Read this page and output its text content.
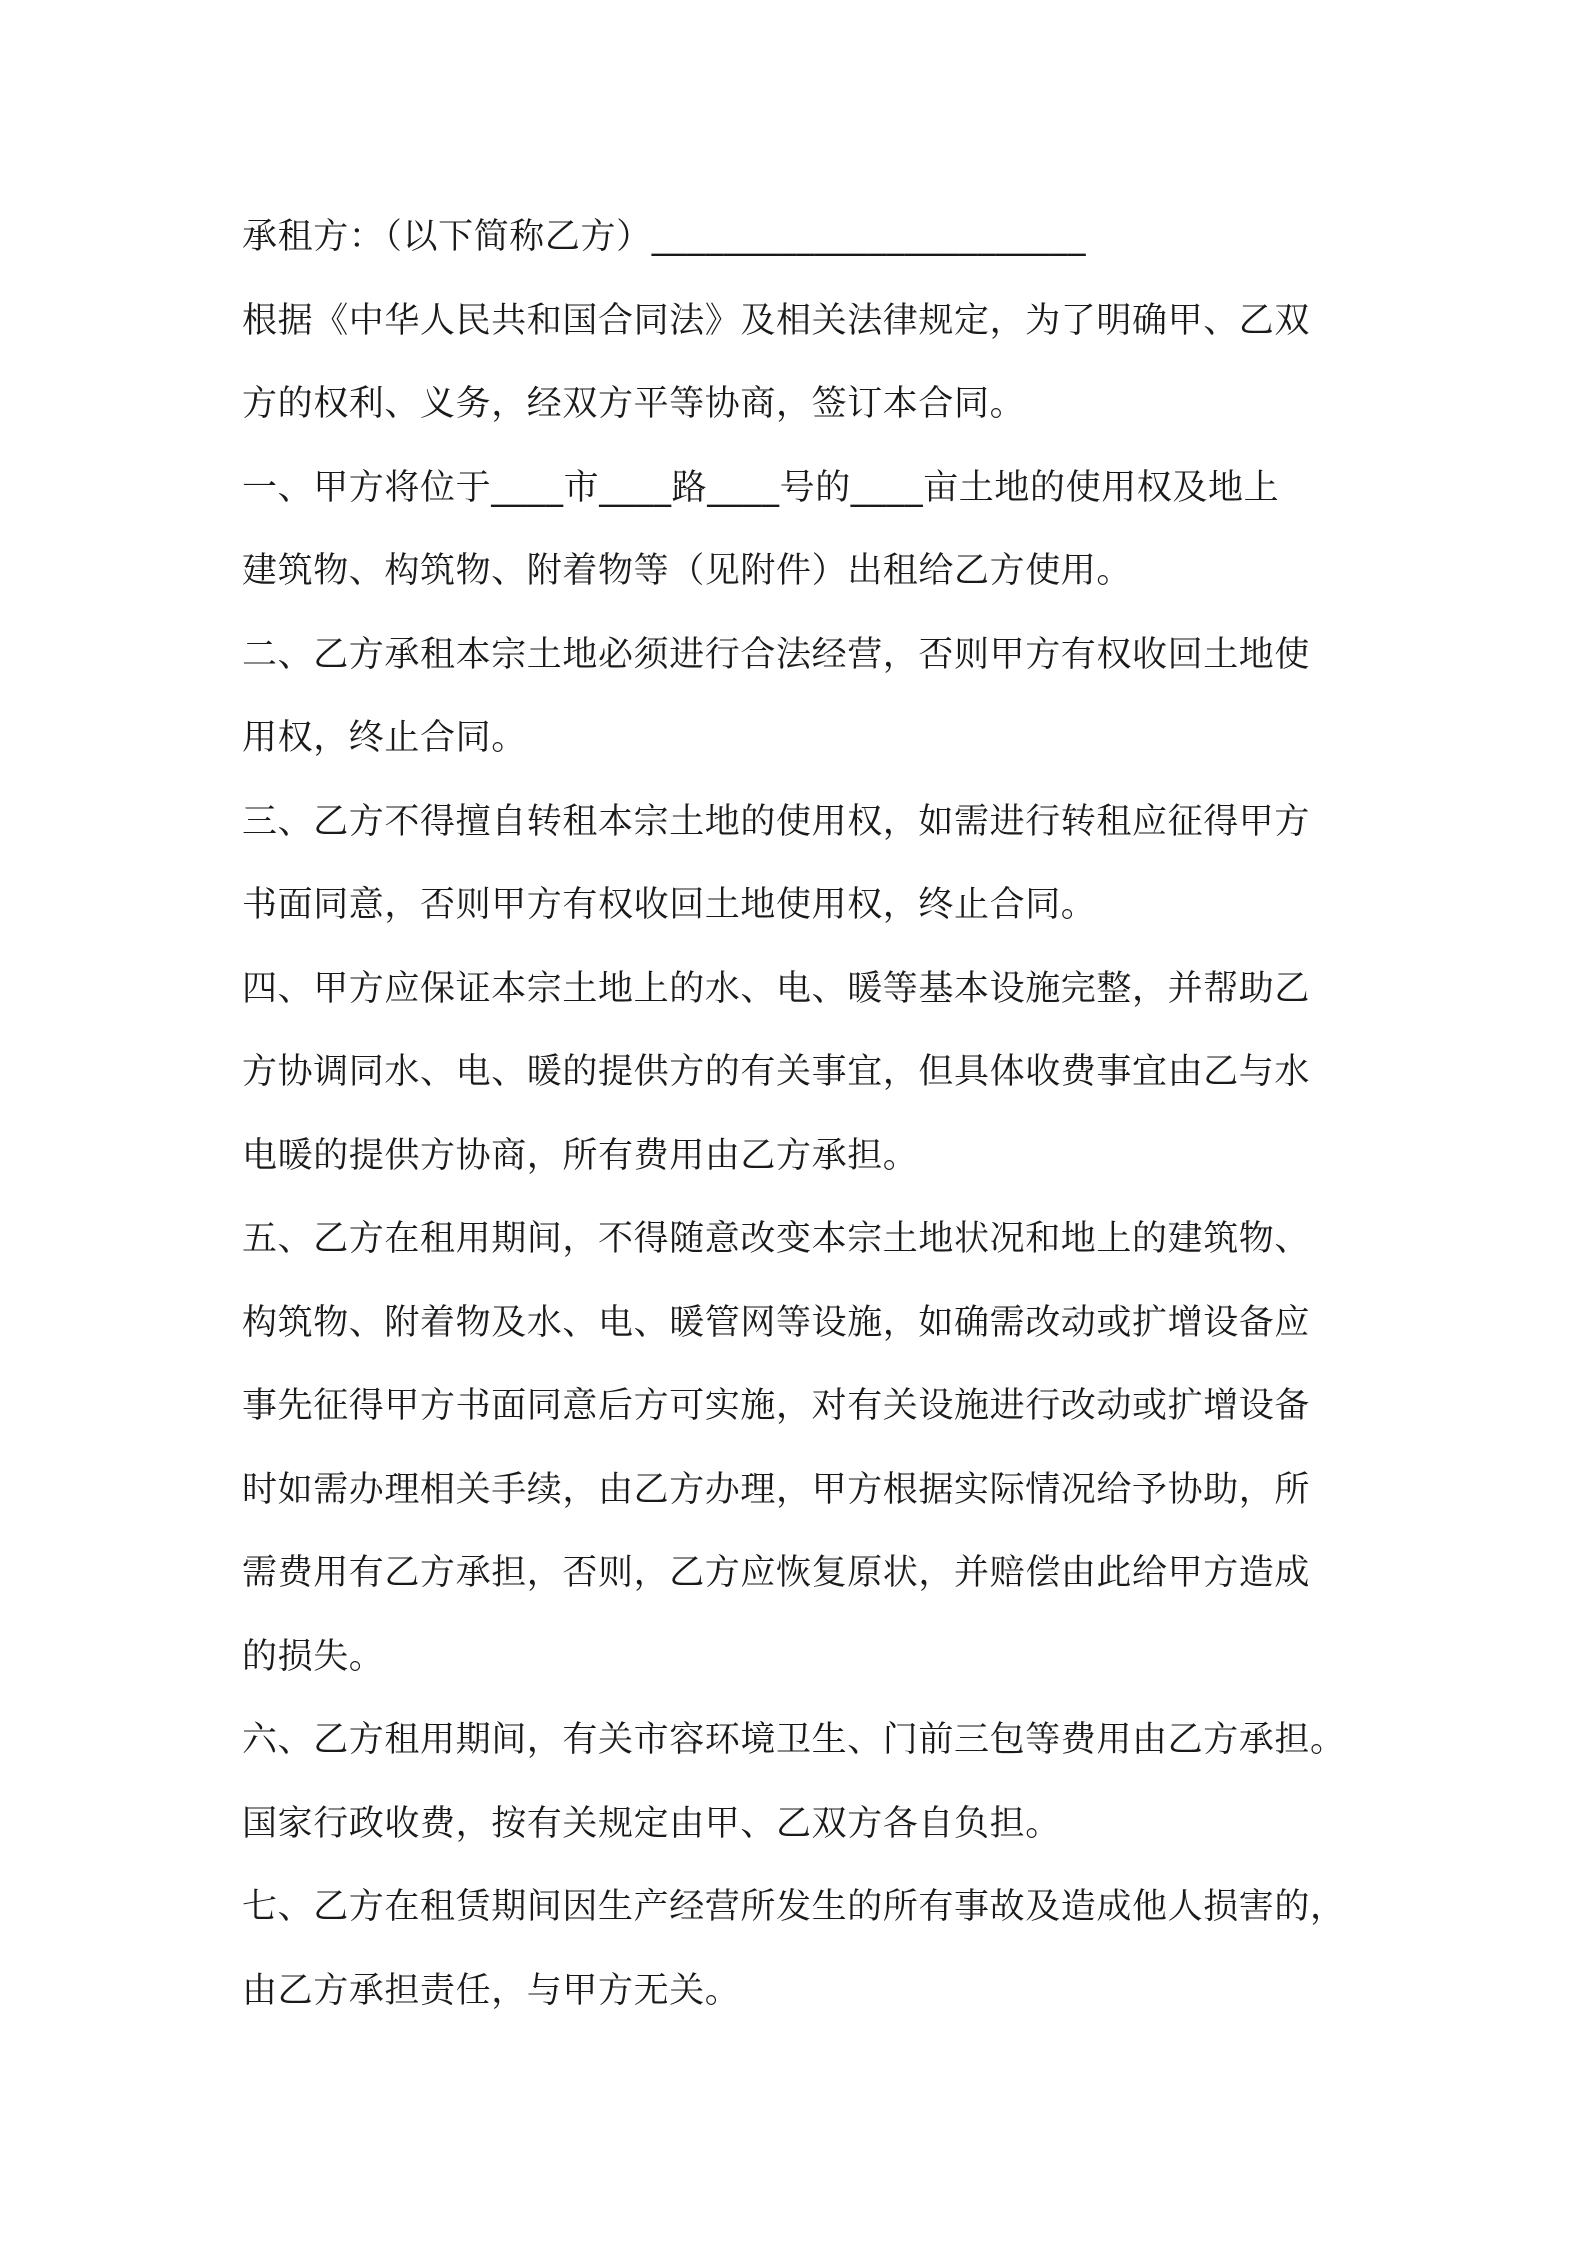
承租方：（以下简称乙方）________________________
根据《中华人民共和国合同法》及相关法律规定，为了明确甲、乙双
方的权利、义务，经双方平等协商，签订本合同。
一、甲方将位于____市____路____号的____亩土地的使用权及地上
建筑物、构筑物、附着物等（见附件）出租给乙方使用。
二、乙方承租本宗土地必须进行合法经营，否则甲方有权收回土地使
用权，终止合同。
三、乙方不得擅自转租本宗土地的使用权，如需进行转租应征得甲方
书面同意，否则甲方有权收回土地使用权，终止合同。
四、甲方应保证本宗土地上的水、电、暖等基本设施完整，并帮助乙
方协调同水、电、暖的提供方的有关事宜，但具体收费事宜由乙与水
电暖的提供方协商，所有费用由乙方承担。
五、乙方在租用期间，不得随意改变本宗土地状况和地上的建筑物、
构筑物、附着物及水、电、暖管网等设施，如确需改动或扩增设备应
事先征得甲方书面同意后方可实施，对有关设施进行改动或扩增设备
时如需办理相关手续，由乙方办理，甲方根据实际情况给予协助，所
需费用有乙方承担，否则，乙方应恢复原状，并赔偿由此给甲方造成
的损失。
六、乙方租用期间，有关市容环境卫生、门前三包等费用由乙方承担。
国家行政收费，按有关规定由甲、乙双方各自负担。
七、乙方在租赁期间因生产经营所发生的所有事故及造成他人损害的，
由乙方承担责任，与甲方无关。
